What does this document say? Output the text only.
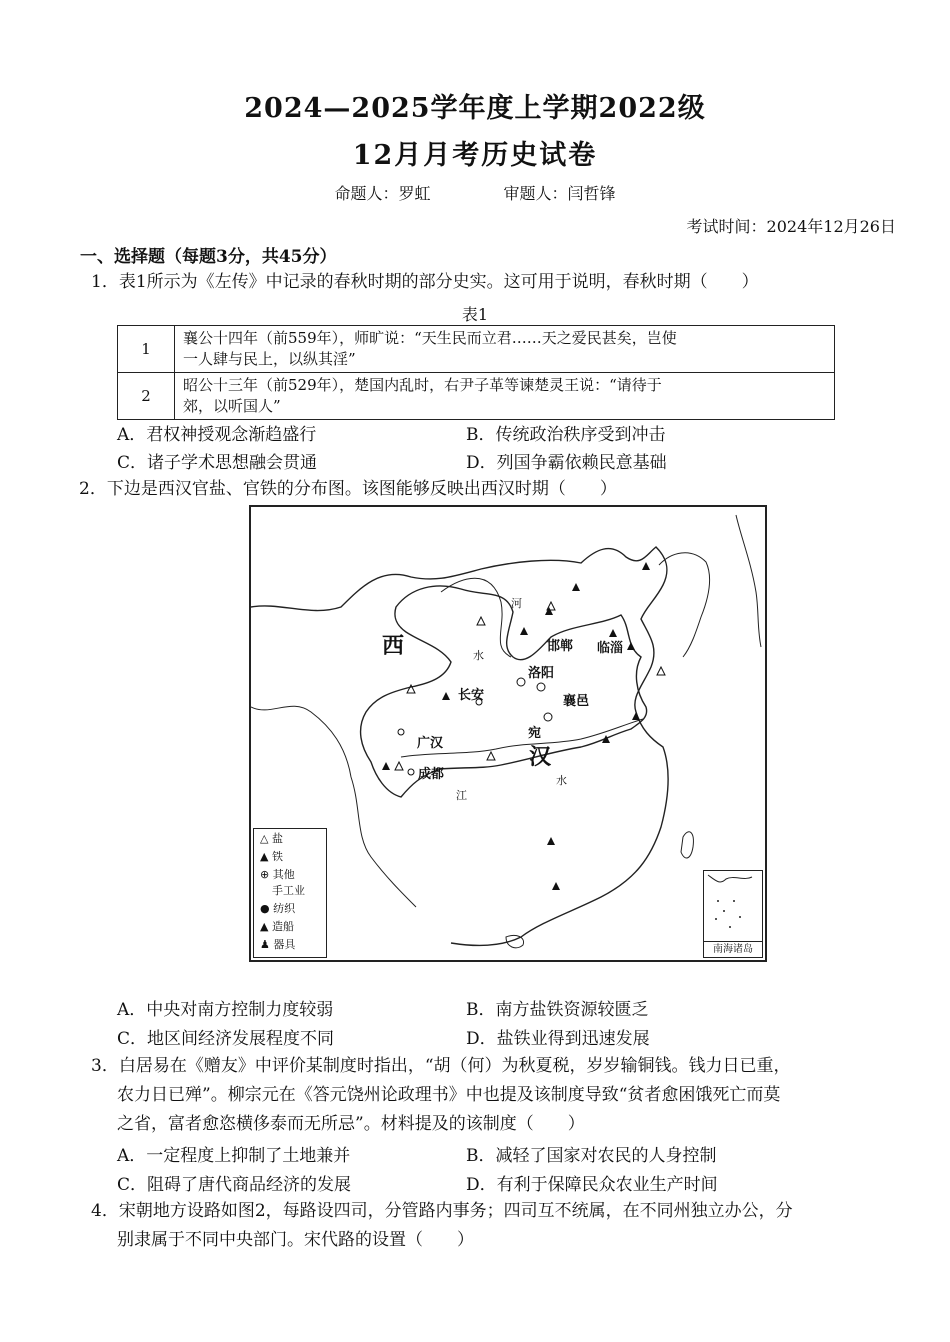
2024—2025学年度上学期2022级
12月月考历史试卷
命题人：罗虹	审题人：闫哲锋
考试时间：2024年12月26日
一、选择题（每题3分，共45分）
1．表1所示为《左传》中记录的春秋时期的部分史实。这可用于说明，春秋时期（　　）
表1
1	襄公十四年（前559年），师旷说：“天生民而立君……天之爱民甚矣，岂使
一人肆与民上，以纵其淫”

2	昭公十三年（前529年），楚国内乱时，右尹子革等谏楚灵王说：“请待于
郊，以听国人”
A．君权神授观念渐趋盛行	B．传统政治秩序受到冲击
C．诸子学术思想融会贯通	D．列国争霸依赖民意基础
2．下边是西汉官盐、官铁的分布图。该图能够反映出西汉时期（　　）
西
汉
河
水
江
水
邯郸 临淄
洛阳
长安	襄邑
宛
广汉
成都
△ 盐
▲ 铁
⊕ 其他
手工业
● 纺织
▲ 造船
♟ 器具	南海诸岛
A．中央对南方控制力度较弱	B．南方盐铁资源较匮乏
C．地区间经济发展程度不同	D．盐铁业得到迅速发展
3．白居易在《赠友》中评价某制度时指出，“胡（何）为秋夏税，岁岁输铜钱。钱力日已重，
农力日已殚”。柳宗元在《答元饶州论政理书》中也提及该制度导致“贫者愈困饿死亡而莫
之省，富者愈恣横侈泰而无所忌”。材料提及的该制度（　　）
A．一定程度上抑制了土地兼并	B．减轻了国家对农民的人身控制
C．阻碍了唐代商品经济的发展	D．有利于保障民众农业生产时间
4．宋朝地方设路如图2，每路设四司，分管路内事务；四司互不统属，在不同州独立办公，分
别隶属于不同中央部门。宋代路的设置（　　）
